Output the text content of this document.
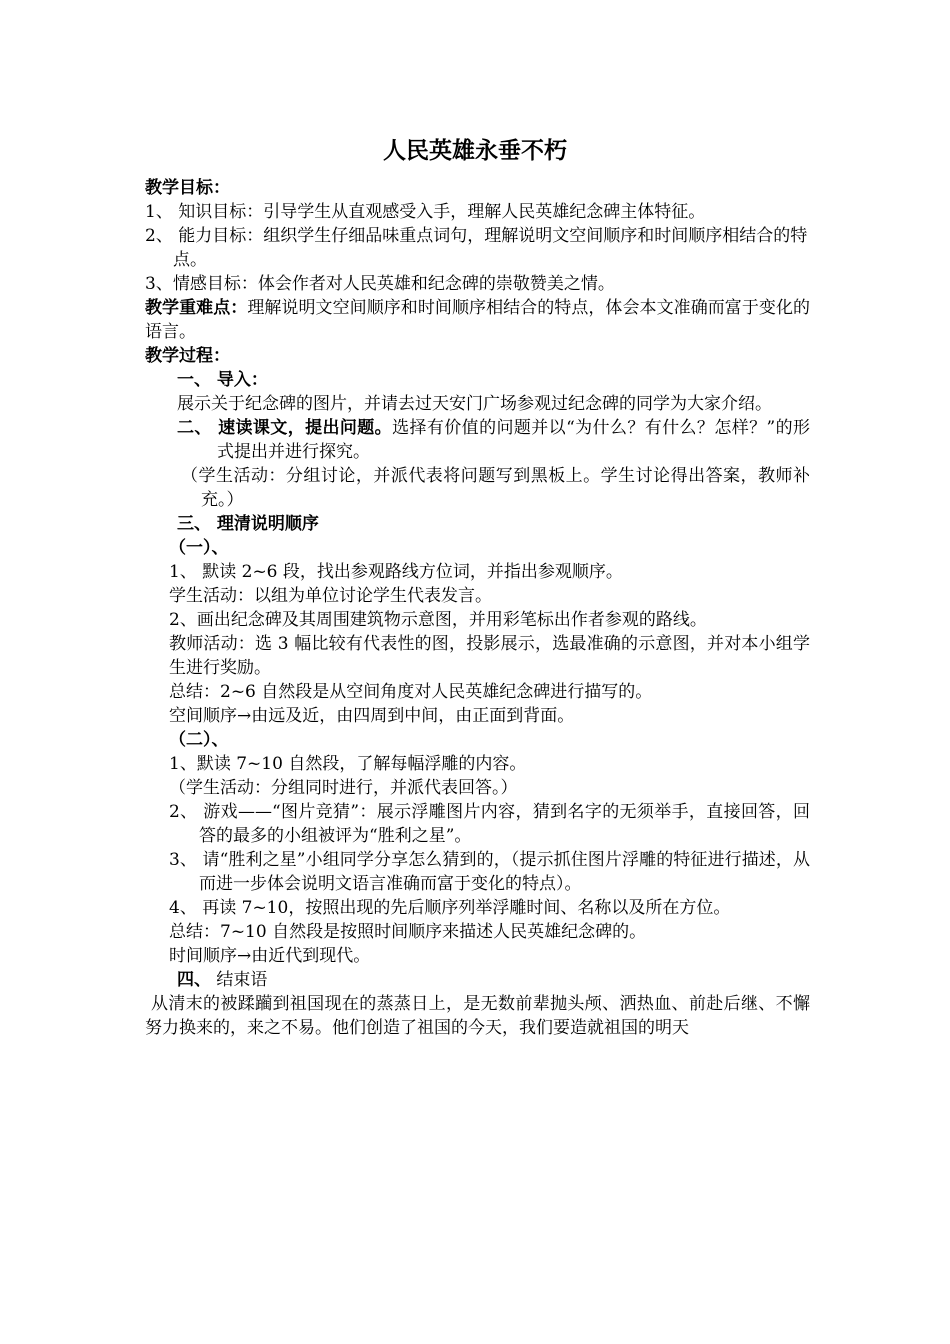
人民英雄永垂不朽

教学目标：

1、 知识目标：引导学生从直观感受入手，理解人民英雄纪念碑主体特征。

2、 能力目标：组织学生仔细品味重点词句，理解说明文空间顺序和时间顺序相结合的特点。

3、情感目标：体会作者对人民英雄和纪念碑的崇敬赞美之情。

教学重难点：理解说明文空间顺序和时间顺序相结合的特点，体会本文准确而富于变化的语言。

教学过程：

一、 导入：

展示关于纪念碑的图片，并请去过天安门广场参观过纪念碑的同学为大家介绍。

二、 速读课文，提出问题。选择有价值的问题并以“为什么？有什么？怎样？”的形式提出并进行探究。

（学生活动：分组讨论，并派代表将问题写到黑板上。学生讨论得出答案，教师补充。）

三、 理清说明顺序

（一）、

1、 默读 2~6 段，找出参观路线方位词，并指出参观顺序。

学生活动：以组为单位讨论学生代表发言。

2、画出纪念碑及其周围建筑物示意图，并用彩笔标出作者参观的路线。

教师活动：选 3 幅比较有代表性的图，投影展示，选最准确的示意图，并对本小组学生进行奖励。

总结：2~6 自然段是从空间角度对人民英雄纪念碑进行描写的。

空间顺序→由远及近，由四周到中间，由正面到背面。

（二）、

1、默读 7~10 自然段，了解每幅浮雕的内容。

（学生活动：分组同时进行，并派代表回答。）

2、 游戏——“图片竞猜”：展示浮雕图片内容，猜到名字的无须举手，直接回答，回答的最多的小组被评为“胜利之星”。

3、 请“胜利之星”小组同学分享怎么猜到的，（提示抓住图片浮雕的特征进行描述，从而进一步体会说明文语言准确而富于变化的特点）。

4、 再读 7~10，按照出现的先后顺序列举浮雕时间、名称以及所在方位。

总结：7~10 自然段是按照时间顺序来描述人民英雄纪念碑的。

时间顺序→由近代到现代。

四、 结束语

从清末的被蹂躏到祖国现在的蒸蒸日上，是无数前辈抛头颅、洒热血、前赴后继、不懈努力换来的，来之不易。他们创造了祖国的今天，我们要造就祖国的明天
